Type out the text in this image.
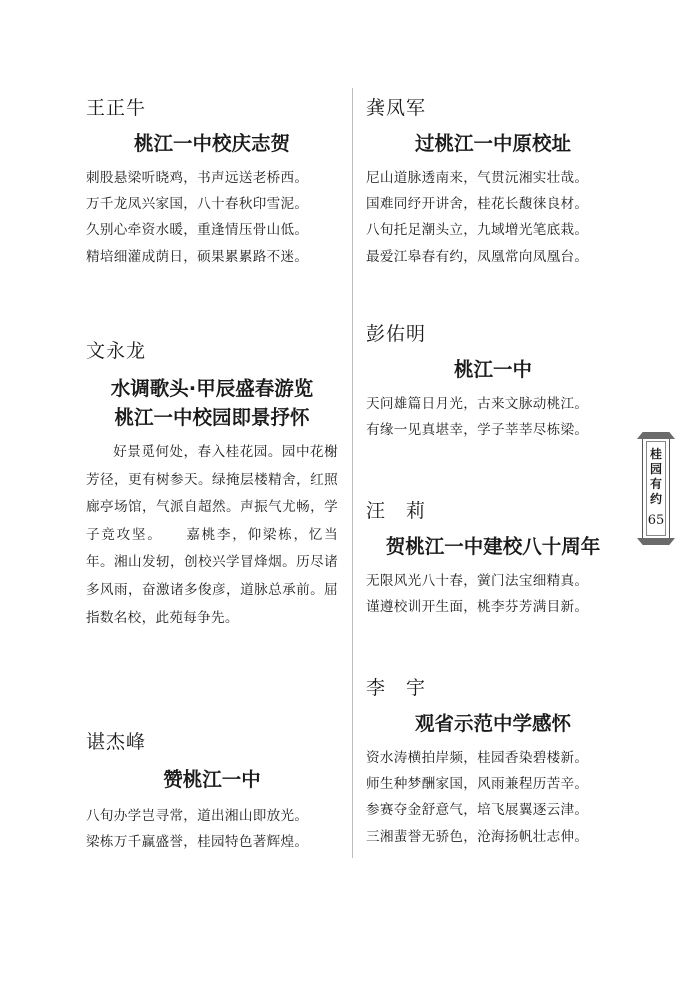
王正牛
桃江一中校庆志贺
刺股悬梁听晓鸡，书声远送老桥西。
万千龙凤兴家国，八十春秋印雪泥。
久别心牵资水暖，重逢情压骨山低。
精培细灌成荫日，硕果累累路不迷。
文永龙
水调歌头·甲辰盛春游览
桃江一中校园即景抒怀
好景觅何处，春入桂花园。园中花榭芳径，更有树参天。绿掩层楼精舍，红照廊亭场馆，气派自超然。声振气尤畅，学子竞攻坚。　　嘉桃李，仰梁栋，忆当年。湘山发轫，创校兴学冒烽烟。历尽诸多风雨，奋激诸多俊彦，道脉总承前。屈指数名校，此苑每争先。
谌杰峰
赞桃江一中
八旬办学岂寻常，道出湘山即放光。
梁栋万千赢盛誉，桂园特色著辉煌。
龚凤军
过桃江一中原校址
尼山道脉透南来，气贯沅湘实壮哉。
国难同纾开讲舍，桂花长馥徕良材。
八旬托足潮头立，九域增光笔底栽。
最爱江皋春有约，凤凰常向凤凰台。
彭佑明
桃江一中
天问雄篇日月光，古来文脉动桃江。
有缘一见真堪幸，学子莘莘尽栋梁。
汪　莉
贺桃江一中建校八十周年
无限风光八十春，黉门法宝细精真。
谨遵校训开生面，桃李芬芳满目新。
李　宇
观省示范中学感怀
资水涛横拍岸频，桂园香染碧楼新。
师生种梦酬家国，风雨兼程历苦辛。
参赛夺金舒意气，培飞展翼逐云津。
三湘蜚誉无骄色，沧海扬帆壮志伸。
桂
园
有
约
65
